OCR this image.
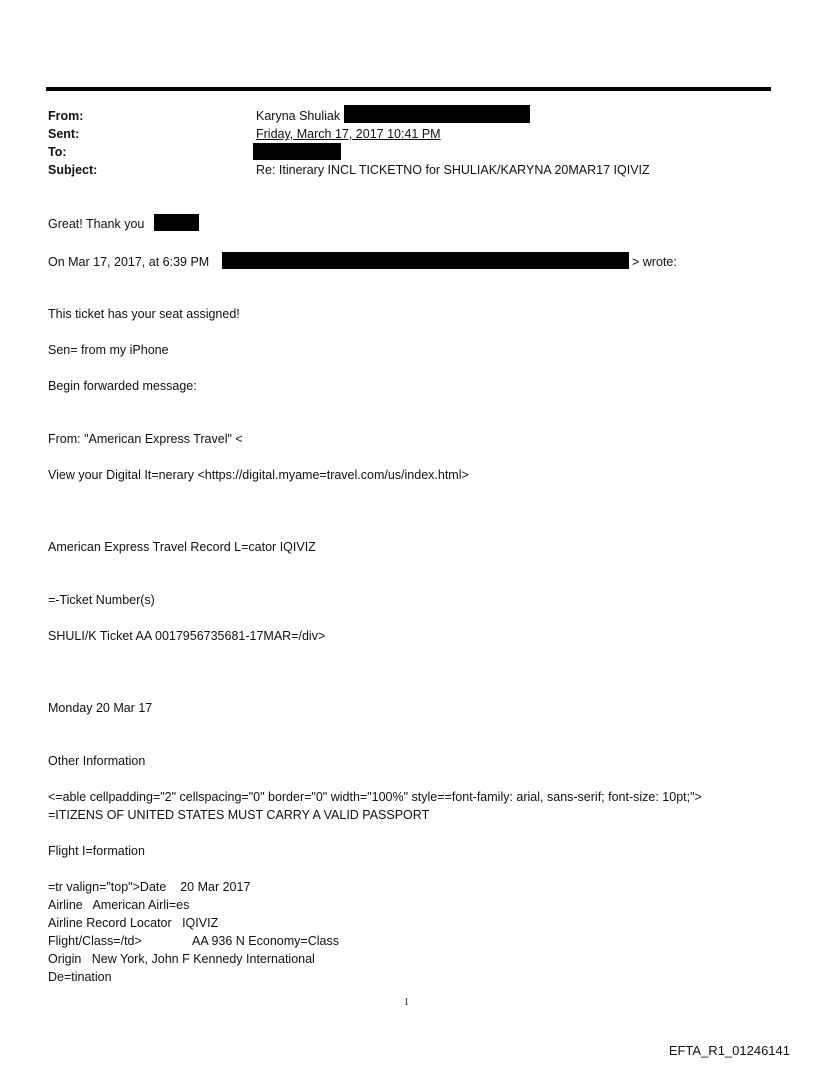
From:	Karyna Shuliak
Sent:	Friday, March 17, 2017 10:41 PM
To:
Subject:	Re: Itinerary INCL TICKETNO for SHULIAK/KARYNA 20MAR17 IQIVIZ
Great! Thank you
On Mar 17, 2017, at 6:39 PM	> wrote:
This ticket has your seat assigned!
Sen= from my iPhone
Begin forwarded message:
From: "American Express Travel" <
View your Digital It=nerary <https://digital.myame=travel.com/us/index.html>
American Express Travel Record L=cator IQIVIZ
=-Ticket Number(s)
SHULI/K Ticket AA 0017956735681-17MAR=/div>
Monday 20 Mar 17
Other Information
<=able cellpadding="2" cellspacing="0" border="0" width="100%" style==font-family: arial, sans-serif; font-size: 10pt;">
=ITIZENS OF UNITED STATES MUST CARRY A VALID PASSPORT
Flight I=formation
=tr valign="top">Date    20 Mar 2017
Airline   American Airli=es
Airline Record Locator   IQIVIZ
Flight/Class=/td>	AA 936 N Economy=Class
Origin   New York, John F Kennedy International
De=tination
1
EFTA_R1_01246141
